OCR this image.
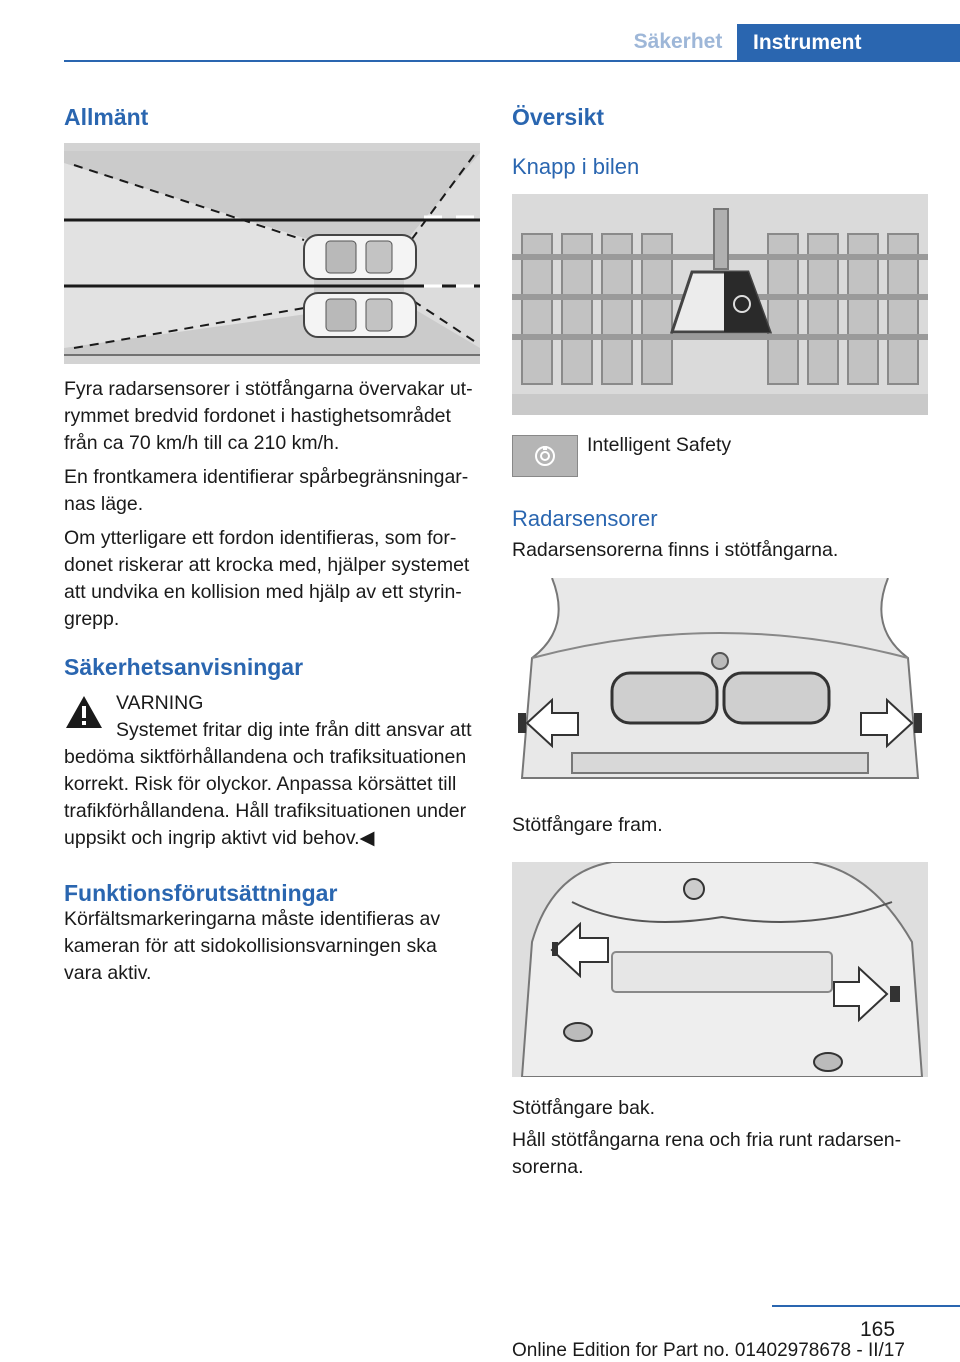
Säkerhet	Instrument
Allmänt

Fyra radarsensorer i stötfångarna övervakar ut‐ rymmet bredvid fordonet i hastighetsområdet från ca 70 km/h till ca 210 km/h.

En frontkamera identifierar spårbegränsningar‐ nas läge.

Om ytterligare ett fordon identifieras, som for‐ donet riskerar att krocka med, hjälper systemet att undvika en kollision med hjälp av ett styrin‐ grepp.

Säkerhetsanvisningar
VARNING
Systemet fritar dig inte från ditt ansvar att bedöma siktförhållandena och trafiksituationen korrekt. Risk för olyckor. Anpassa körsättet till trafikförhållandena. Håll trafiksituationen under uppsikt och ingrip aktivt vid behov.◀
Funktionsförutsättningar
Körfältsmarkeringarna måste identifieras av kameran för att sidokollisionsvarningen ska vara aktiv.
Översikt
Knapp i bilen
Intelligent Safety
Radarsensorer
Radarsensorerna finns i stötfångarna.
Stötfångare fram.
Stötfångare bak.
Håll stötfångarna rena och fria runt radarsen‐ sorerna.
165
Online Edition for Part no. 01402978678 - II/17
